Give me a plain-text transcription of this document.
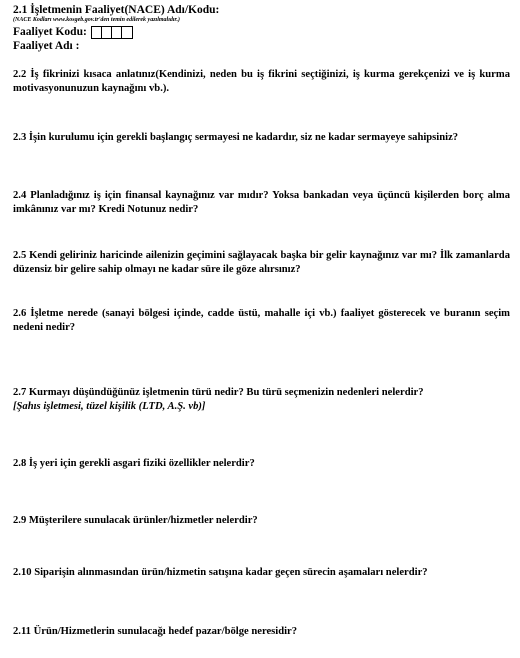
2.1 İşletmenin Faaliyet(NACE) Adı/Kodu:
(NACE Kodları www.kosgeb.gov.tr'den temin edilerek yazılmalıdır.)
Faaliyet Kodu:
Faaliyet Adı :
2.2 İş fikrinizi kısaca anlatınız(Kendinizi, neden bu iş fikrini seçtiğinizi, iş kurma gerekçenizi ve iş kurma motivasyonunuzun kaynağını vb.).
2.3 İşin kurulumu için gerekli başlangıç sermayesi ne kadardır, siz ne kadar sermayeye sahipsiniz?
2.4 Planladığınız iş için finansal kaynağınız var mıdır? Yoksa bankadan veya üçüncü kişilerden borç alma imkânınız var mı? Kredi Notunuz nedir?
2.5 Kendi geliriniz haricinde ailenizin geçimini sağlayacak başka bir gelir kaynağınız var mı? İlk zamanlarda düzensiz bir gelire sahip olmayı ne kadar süre ile göze alırsınız?
2.6 İşletme nerede (sanayi bölgesi içinde, cadde üstü, mahalle içi vb.) faaliyet gösterecek ve buranın seçim nedeni nedir?
2.7 Kurmayı düşündüğünüz işletmenin türü nedir? Bu türü seçmenizin nedenleri nelerdir?
[Şahıs işletmesi, tüzel kişilik (LTD, A.Ş. vb)]
2.8 İş yeri için gerekli asgari fiziki özellikler nelerdir?
2.9 Müşterilere sunulacak ürünler/hizmetler nelerdir?
2.10 Siparişin alınmasından ürün/hizmetin satışına kadar geçen sürecin aşamaları nelerdir?
2.11 Ürün/Hizmetlerin sunulacağı hedef pazar/bölge neresidir?
